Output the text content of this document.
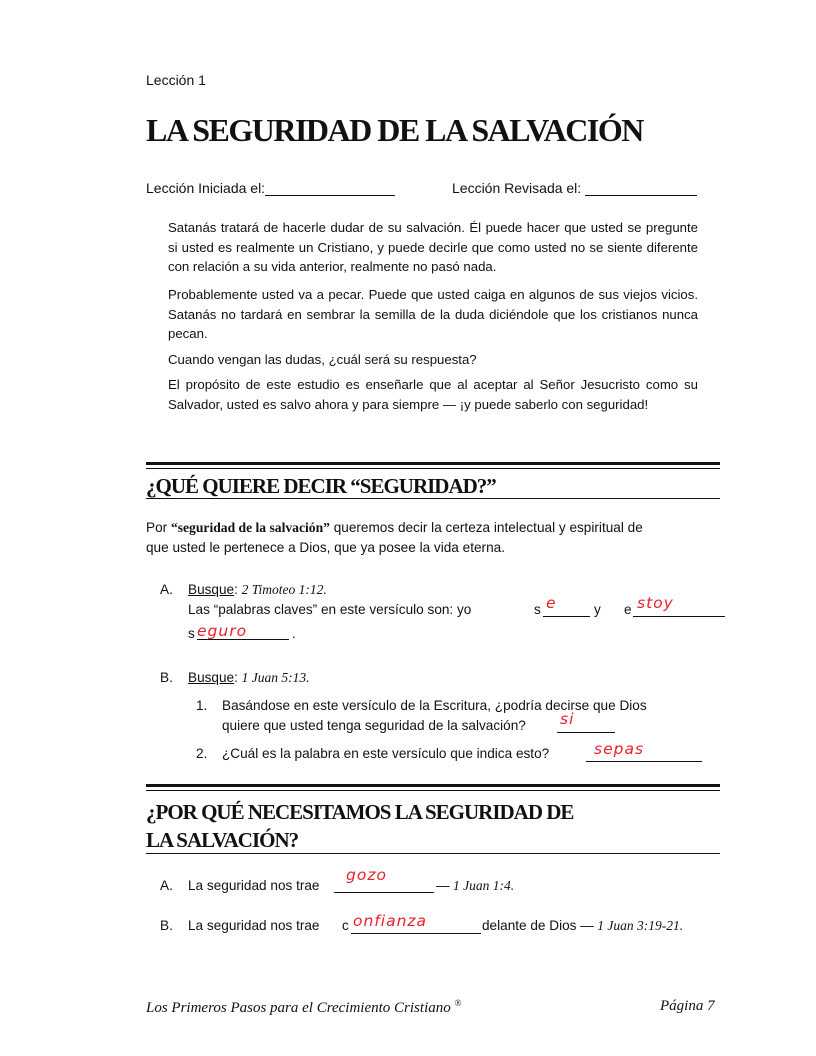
Lección 1
LA SEGURIDAD DE LA SALVACIÓN
Lección Iniciada el:	Lección Revisada el:

Satanás tratará de hacerle dudar de su salvación. Él puede hacer que usted se pregunte si usted es realmente un Cristiano, y puede decirle que como usted no se siente diferente con relación a su vida anterior, realmente no pasó nada.

Probablemente usted va a pecar. Puede que usted caiga en algunos de sus viejos vicios. Satanás no tardará en sembrar la semilla de la duda diciéndole que los cristianos nunca pecan.

Cuando vengan las dudas, ¿cuál será su respuesta?

El propósito de este estudio es enseñarle que al aceptar al Señor Jesucristo como su Salvador, usted es salvo ahora y para siempre — ¡y puede saberlo con seguridad!

¿QUÉ QUIERE DECIR “SEGURIDAD?”
Por “seguridad de la salvación” queremos decir la certeza intelectual y espiritual de
que usted le pertenece a Dios, que ya posee la vida eterna.
A. Busque: 2 Timoteo 1:12.
Las “palabras claves” en este versículo son: yo	s e	y e stoy
s eguro	.
B. Busque: 1 Juan 5:13.
1. Basándose en este versículo de la Escritura, ¿podría decirse que Dios
quiere que usted tenga seguridad de la salvación? si
2. ¿Cuál es la palabra en este versículo que indica esto?	sepas
¿POR QUÉ NECESITAMOS LA SEGURIDAD DE
LA SALVACIÓN?
A. La seguridad nos trae
gozo
— 1 Juan 1:4.
B. La seguridad nos trae c onfianza	delante de Dios — 1 Juan 3:19-21.
Los Primeros Pasos para el Crecimiento Cristiano ®	Página 7
